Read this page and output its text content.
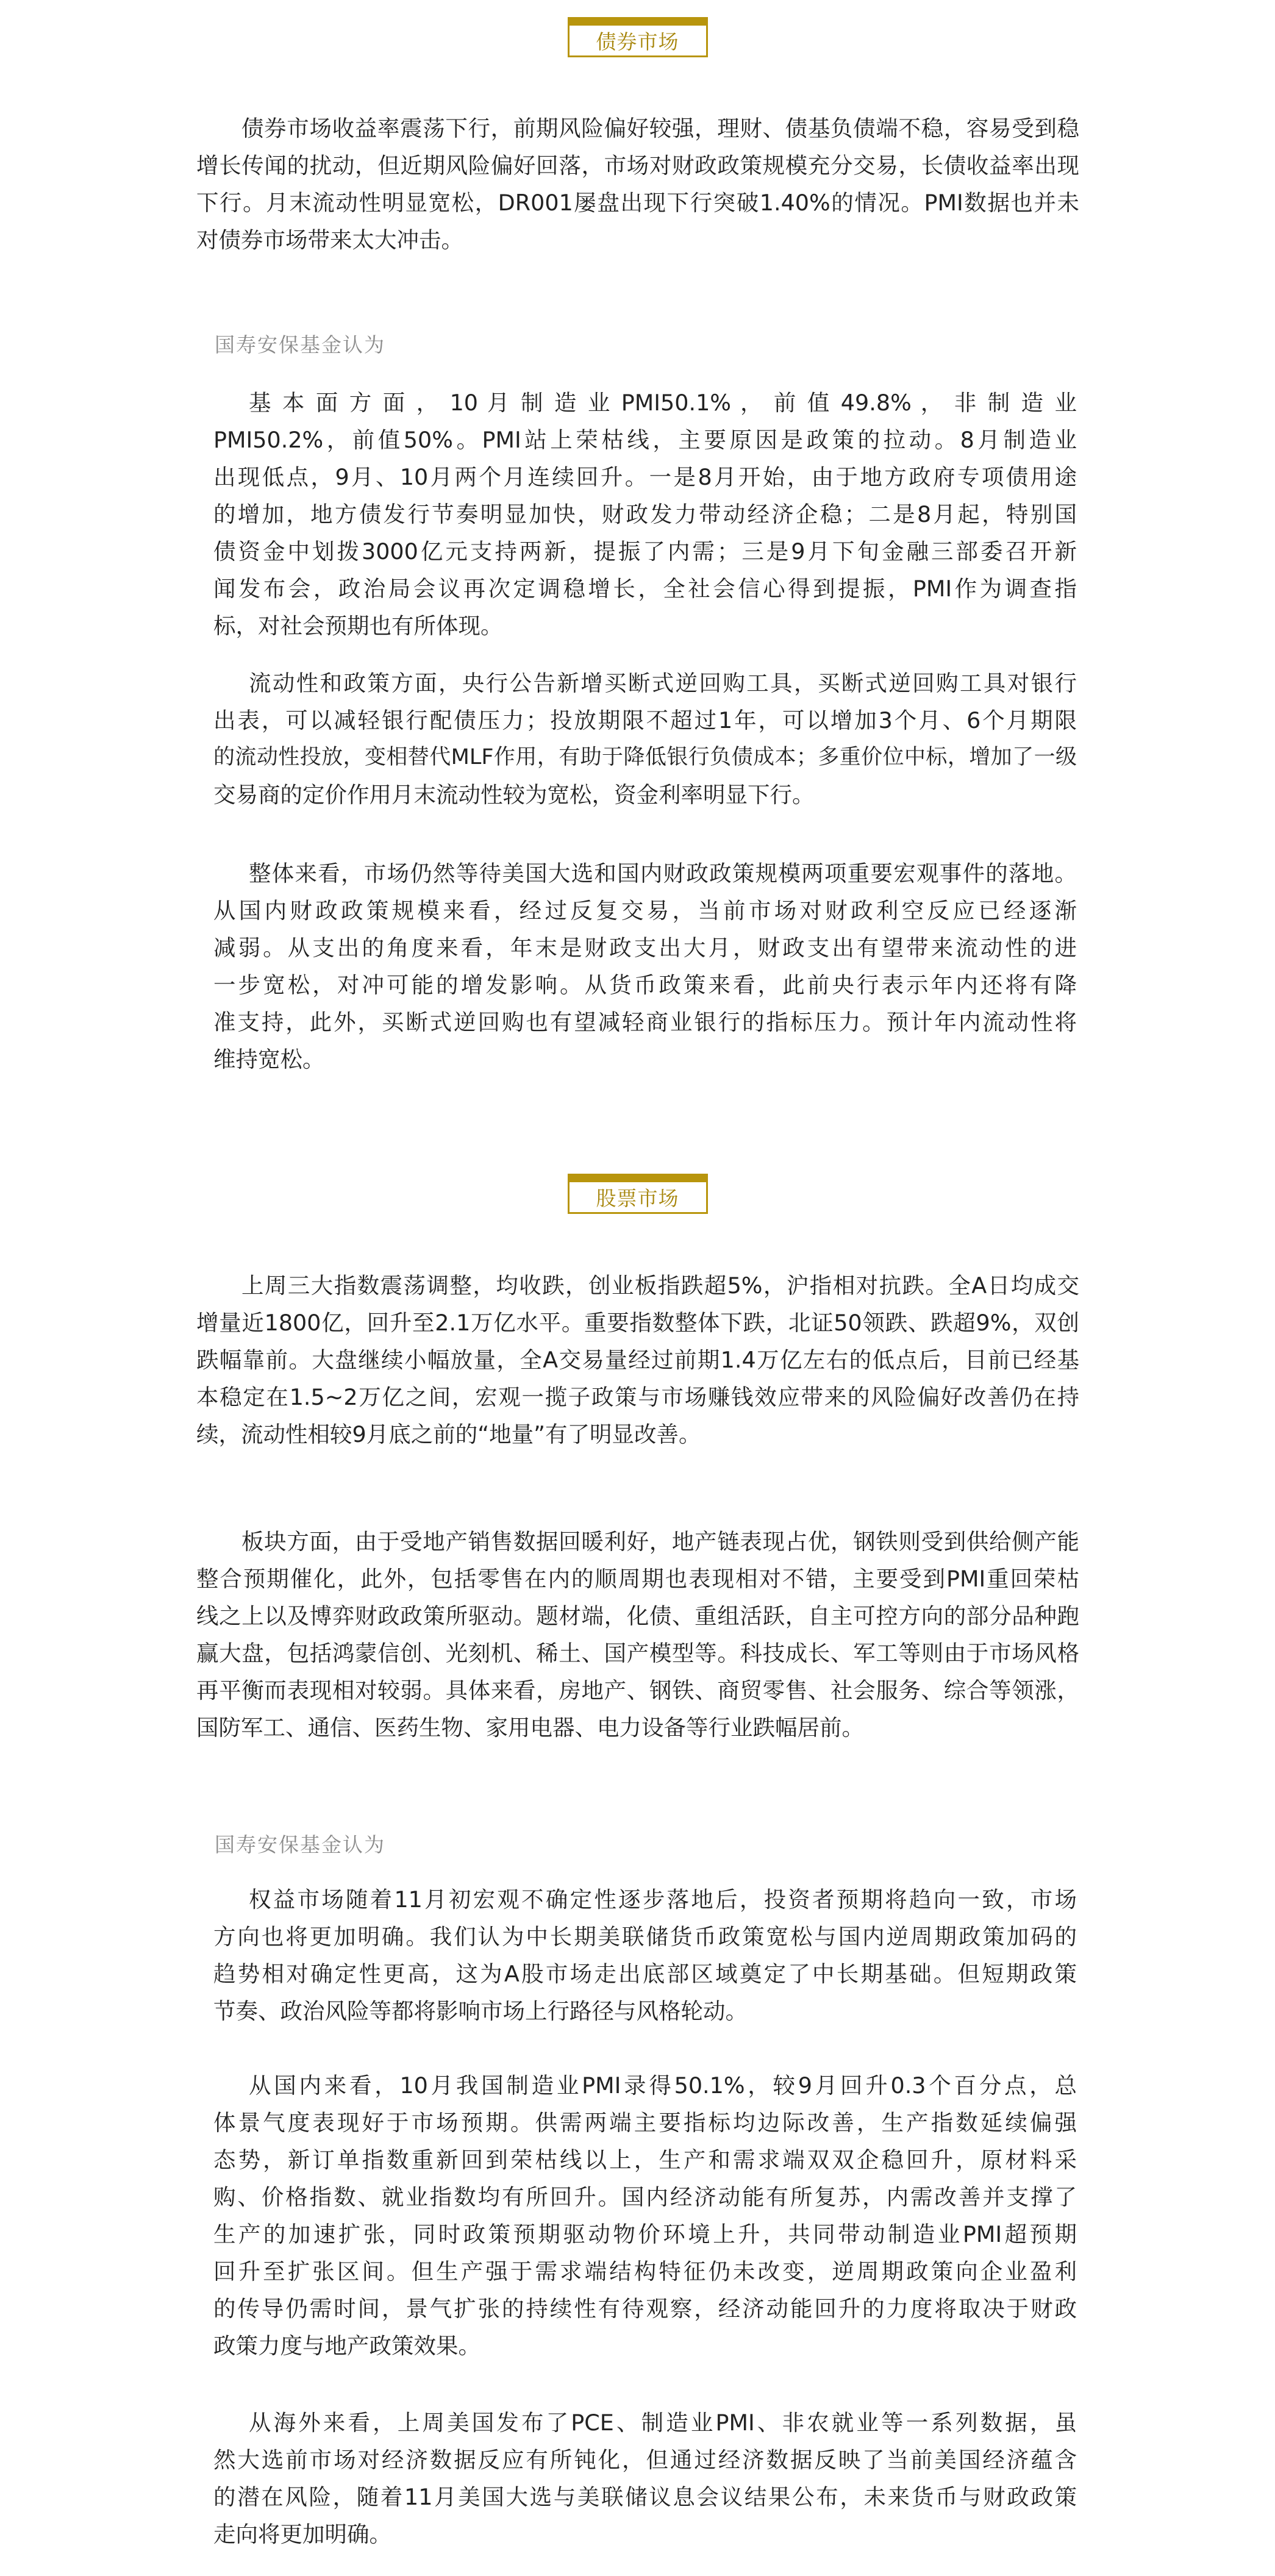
债券市场
债券市场收益率震荡下行，前期风险偏好较强，理财、债基负债端不稳，容易受到稳
增长传闻的扰动，但近期风险偏好回落，市场对财政政策规模充分交易，长债收益率出现
下行。月末流动性明显宽松，DR001屡盘出现下行突破1.40%的情况。PMI数据也并未
对债券市场带来太大冲击。
国寿安保基金认为
基 本 面 方 面 ， 10 月 制 造 业 PMI50.1% ， 前 值 49.8% ， 非 制 造 业
PMI50.2%，前值50%。PMI站上荣枯线，主要原因是政策的拉动。8月制造业
出现低点，9月、10月两个月连续回升。一是8月开始，由于地方政府专项债用途
的增加，地方债发行节奏明显加快，财政发力带动经济企稳；二是8月起，特别国
债资金中划拨3000亿元支持两新，提振了内需；三是9月下旬金融三部委召开新
闻发布会，政治局会议再次定调稳增长，全社会信心得到提振，PMI作为调查指
标，对社会预期也有所体现。
流动性和政策方面，央行公告新增买断式逆回购工具，买断式逆回购工具对银行
出表，可以减轻银行配债压力；投放期限不超过1年，可以增加3个月、6个月期限
的流动性投放，变相替代MLF作用，有助于降低银行负债成本；多重价位中标，增加了一级
交易商的定价作用月末流动性较为宽松，资金利率明显下行。
整体来看，市场仍然等待美国大选和国内财政政策规模两项重要宏观事件的落地。
从国内财政政策规模来看，经过反复交易，当前市场对财政利空反应已经逐渐
减弱。从支出的角度来看，年末是财政支出大月，财政支出有望带来流动性的进
一步宽松，对冲可能的增发影响。从货币政策来看，此前央行表示年内还将有降
准支持，此外，买断式逆回购也有望减轻商业银行的指标压力。预计年内流动性将
维持宽松。
股票市场
上周三大指数震荡调整，均收跌，创业板指跌超5%，沪指相对抗跌。全A日均成交
增量近1800亿，回升至2.1万亿水平。重要指数整体下跌，北证50领跌、跌超9%，双创
跌幅靠前。大盘继续小幅放量，全A交易量经过前期1.4万亿左右的低点后，目前已经基
本稳定在1.5~2万亿之间，宏观一揽子政策与市场赚钱效应带来的风险偏好改善仍在持
续，流动性相较9月底之前的“地量”有了明显改善。
板块方面，由于受地产销售数据回暖利好，地产链表现占优，钢铁则受到供给侧产能
整合预期催化，此外，包括零售在内的顺周期也表现相对不错，主要受到PMI重回荣枯
线之上以及博弈财政政策所驱动。题材端，化债、重组活跃，自主可控方向的部分品种跑
赢大盘，包括鸿蒙信创、光刻机、稀土、国产模型等。科技成长、军工等则由于市场风格
再平衡而表现相对较弱。具体来看，房地产、钢铁、商贸零售、社会服务、综合等领涨，
国防军工、通信、医药生物、家用电器、电力设备等行业跌幅居前。
国寿安保基金认为
权益市场随着11月初宏观不确定性逐步落地后，投资者预期将趋向一致，市场
方向也将更加明确。我们认为中长期美联储货币政策宽松与国内逆周期政策加码的
趋势相对确定性更高，这为A股市场走出底部区域奠定了中长期基础。但短期政策
节奏、政治风险等都将影响市场上行路径与风格轮动。
从国内来看，10月我国制造业PMI录得50.1%，较9月回升0.3个百分点，总
体景气度表现好于市场预期。供需两端主要指标均边际改善，生产指数延续偏强
态势，新订单指数重新回到荣枯线以上，生产和需求端双双企稳回升，原材料采
购、价格指数、就业指数均有所回升。国内经济动能有所复苏，内需改善并支撑了
生产的加速扩张，同时政策预期驱动物价环境上升，共同带动制造业PMI超预期
回升至扩张区间。但生产强于需求端结构特征仍未改变，逆周期政策向企业盈利
的传导仍需时间，景气扩张的持续性有待观察，经济动能回升的力度将取决于财政
政策力度与地产政策效果。
从海外来看，上周美国发布了PCE、制造业PMI、非农就业等一系列数据，虽
然大选前市场对经济数据反应有所钝化，但通过经济数据反映了当前美国经济蕴含
的潜在风险，随着11月美国大选与美联储议息会议结果公布，未来货币与财政政策
走向将更加明确。
